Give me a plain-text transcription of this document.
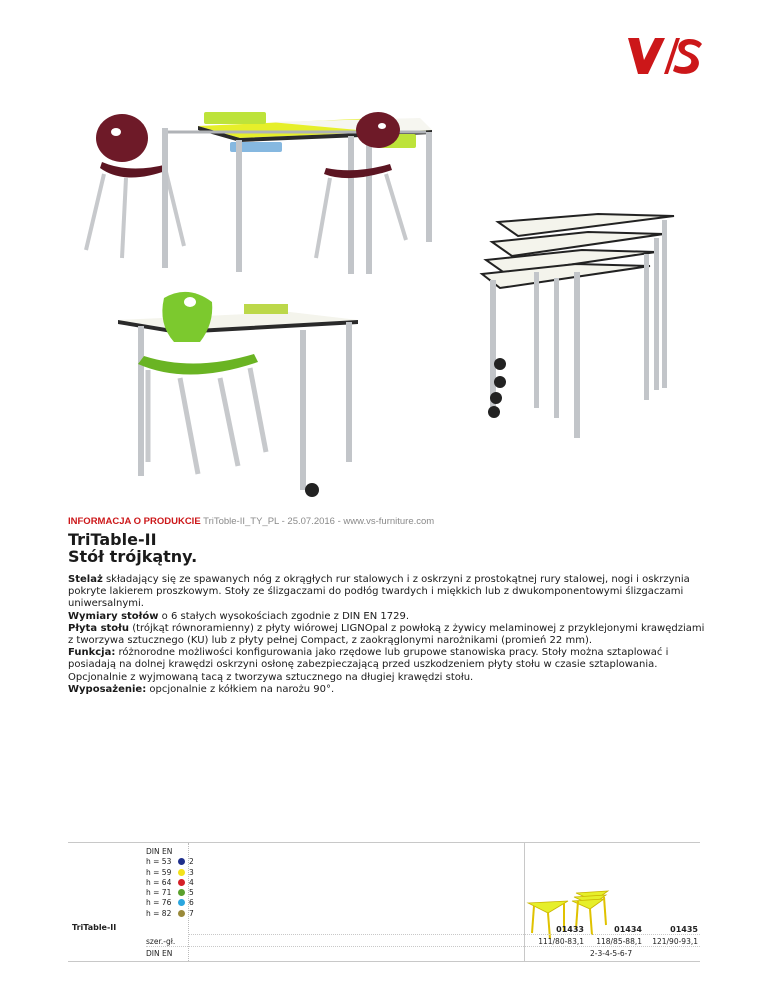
INFORMACJA O PRODUKCIE TriToble-II_TY_PL - 25.07.2016 - www.vs-furniture.com
TriTable-II
Stół trójkątny.

Stelaż składający się ze spawanych nóg z okrągłych rur stalowych i z oskrzyni z prostokątnej rury stalowej, nogi i oskrzynia pokryte lakierem proszkowym. Stoły ze ślizgaczami do podłóg twardych i miękkich lub z dwukomponentowymi ślizgaczami uniwersalnymi.

Wymiary stołów o 6 stałych wysokościach zgodnie z DIN EN 1729.

Płyta stołu (trójkąt równoramienny) z płyty wiórowej LIGNOpal z powłoką z żywicy melaminowej z przyklejonymi krawędziami z tworzywa sztucznego (KU) lub z płyty pełnej Compact, z zaokrąglonymi narożnikami (promień 22 mm).

Funkcja: różnorodne możliwości konfigurowania jako rzędowe lub grupowe stanowiska pracy. Stoły można sztaplować i posiadają na dolnej krawędzi oskrzyni osłonę zabezpieczającą przed uszkodzeniem płyty stołu w czasie sztaplowania. Opcjonalnie z wyjmowaną tacą z tworzywa sztucznego na długiej krawędzi stołu.

Wyposażenie: opcjonalnie z kółkiem na narożu 90°.

TriTable-II
DIN EN
h = 53 2
h = 59 3
h = 64 4
h = 71 5
h = 76 6
h = 82 7
01433	01434	01435
szer.-gł.	111/80-83,1	118/85-88,1	121/90-93,1
DIN EN	2-3-4-5-6-7
